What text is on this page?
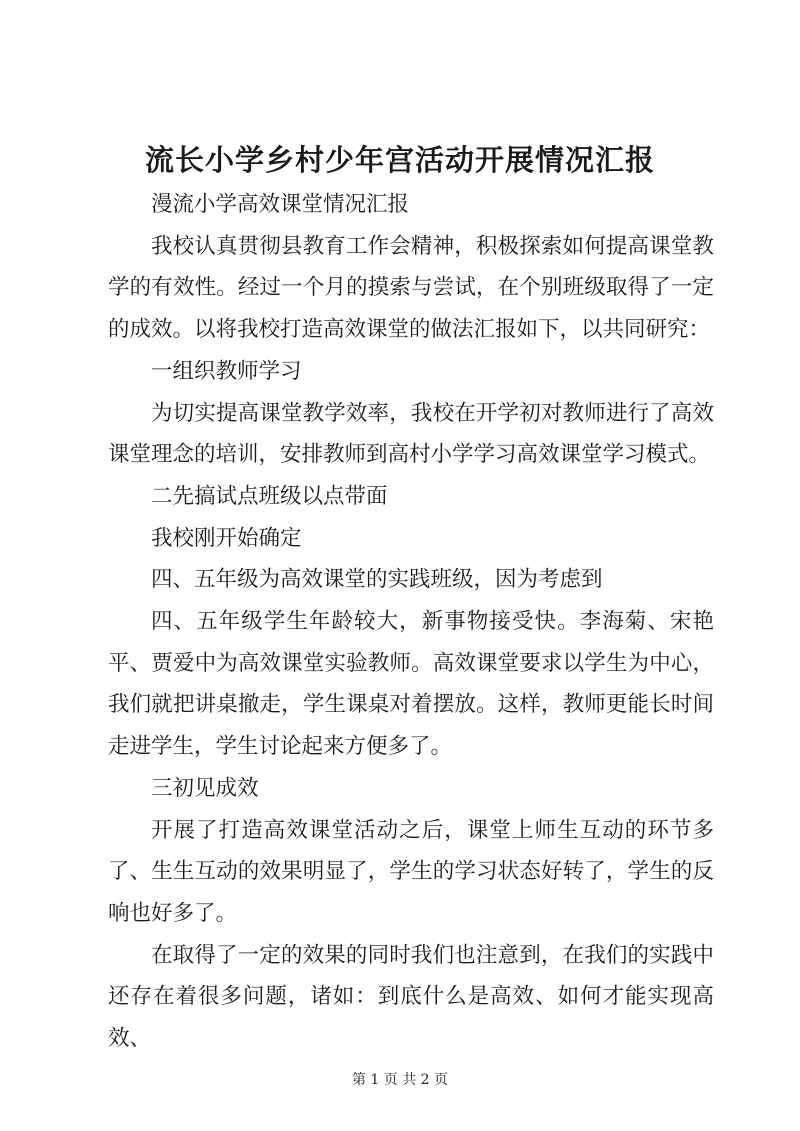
流长小学乡村少年宫活动开展情况汇报

漫流小学高效课堂情况汇报

我校认真贯彻县教育工作会精神，积极探索如何提高课堂教学的有效性。经过一个月的摸索与尝试，在个别班级取得了一定的成效。以将我校打造高效课堂的做法汇报如下，以共同研究：

一组织教师学习

为切实提高课堂教学效率，我校在开学初对教师进行了高效课堂理念的培训，安排教师到高村小学学习高效课堂学习模式。

二先搞试点班级以点带面

我校刚开始确定

四、五年级为高效课堂的实践班级，因为考虑到

四、五年级学生年龄较大，新事物接受快。李海菊、宋艳平、贾爱中为高效课堂实验教师。高效课堂要求以学生为中心，我们就把讲桌撤走，学生课桌对着摆放。这样，教师更能长时间走进学生，学生讨论起来方便多了。

三初见成效

开展了打造高效课堂活动之后，课堂上师生互动的环节多了、生生互动的效果明显了，学生的学习状态好转了，学生的反响也好多了。

在取得了一定的效果的同时我们也注意到，在我们的实践中还存在着很多问题，诸如：到底什么是高效、如何才能实现高效、

第 1 页 共 2 页
